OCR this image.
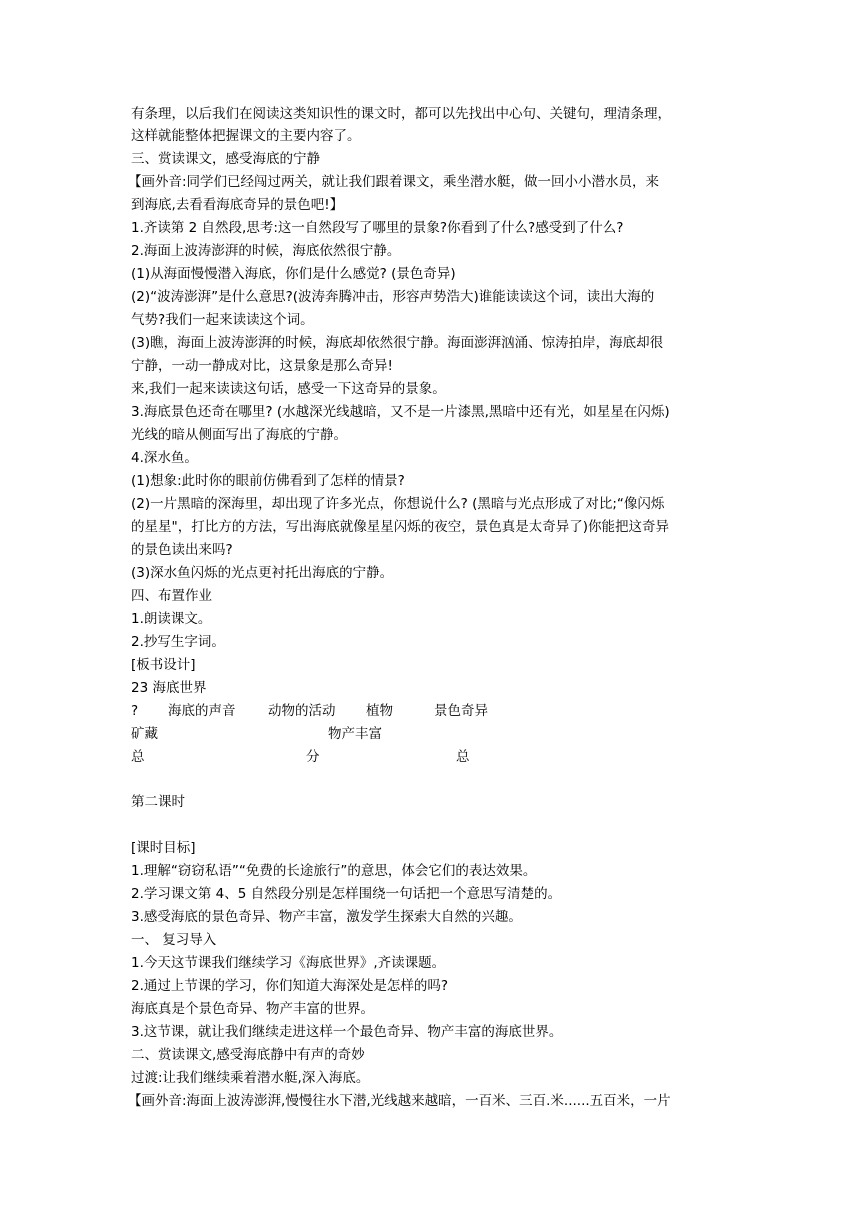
有条理，以后我们在阅读这类知识性的课文时，都可以先找出中心句、关键句，理清条理，
这样就能整体把握课文的主要内容了。
三、赏读课文，感受海底的宁静
【画外音:同学们已经闯过两关，就让我们跟着课文，乘坐潜水艇，做一回小小潜水员，来
到海底,去看看海底奇异的景色吧!】
1.齐读第 2 自然段,思考:这一自然段写了哪里的景象?你看到了什么?感受到了什么?
2.海面上波涛澎湃的时候，海底依然很宁静。
(1)从海面慢慢潜入海底，你们是什么感觉? (景色奇异)
(2)“波涛澎湃”是什么意思?(波涛奔腾冲击，形容声势浩大)谁能读读这个词，读出大海的
气势?我们一起来读读这个词。
(3)瞧，海面上波涛澎湃的时候，海底却依然很宁静。海面澎湃汹涌、惊涛拍岸，海底却很
宁静，一动一静成对比，这景象是那么奇异!
来,我们一起来读读这句话，感受一下这奇异的景象。
3.海底景色还奇在哪里? (水越深光线越暗，又不是一片漆黑,黑暗中还有光，如星星在闪烁)
光线的暗从侧面写出了海底的宁静。
4.深水鱼。
(1)想象:此时你的眼前仿佛看到了怎样的情景?
(2)一片黑暗的深海里，却出现了许多光点，你想说什么? (黑暗与光点形成了对比;“像闪烁
的星星"，打比方的方法，写出海底就像星星闪烁的夜空，景色真是太奇异了)你能把这奇异
的景色读出来吗?
(3)深水鱼闪烁的光点更衬托出海底的宁静。
四、布置作业
1.朗读课文。
2.抄写生字词。
[板书设计]
23 海底世界
? 海底的声音 动物的活动 植物	景色奇异
矿藏	物产丰富
总	分	总
第二课时
[课时目标]
1.理解“窃窃私语”“免费的长途旅行”的意思，体会它们的表达效果。
2.学习课文第 4、5 自然段分别是怎样围绕一句话把一个意思写清楚的。
3.感受海底的景色奇异、物产丰富，激发学生探索大自然的兴趣。
一、 复习导入
1.今天这节课我们继续学习《海底世界》,齐读课题。
2.通过上节课的学习，你们知道大海深处是怎样的吗?
海底真是个景色奇异、物产丰富的世界。
3.这节课，就让我们继续走进这样一个最色奇异、物产丰富的海底世界。
二、赏读课文,感受海底静中有声的奇妙
过渡:让我们继续乘着潜水艇,深入海底。
【画外音:海面上波涛澎湃,慢慢往水下潜,光线越来越暗，一百米、三百.米......五百米，一片
